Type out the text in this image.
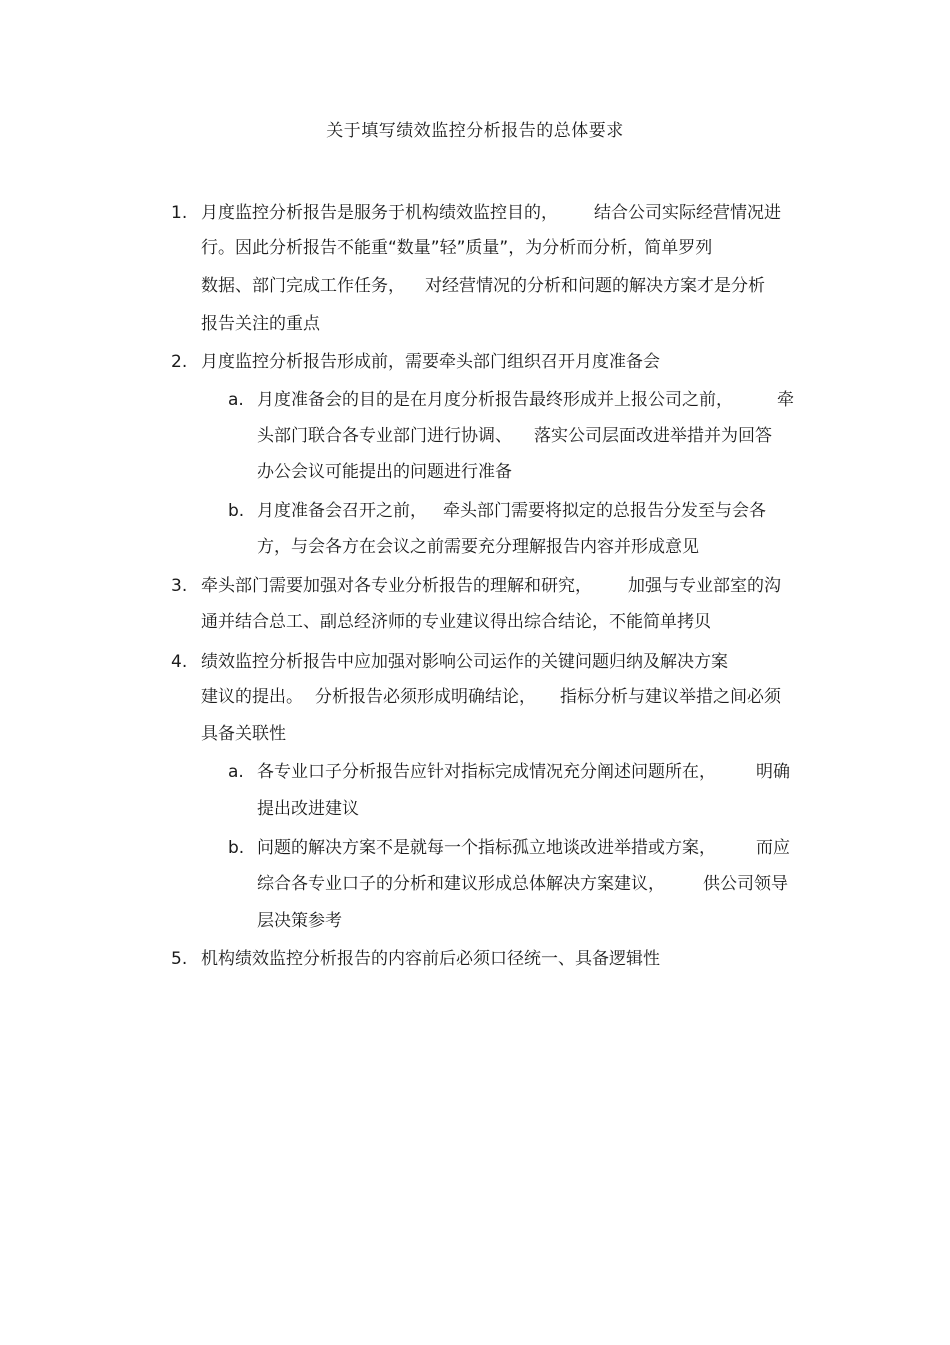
关于填写绩效监控分析报告的总体要求
1. 月度监控分析报告是服务于机构绩效监控目的， 结合公司实际经营情况进
行。因此分析报告不能重“数量”轻”质量”，为分析而分析，简单罗列
数据、部门完成工作任务， 对经营情况的分析和问题的解决方案才是分析
报告关注的重点
2. 月度监控分析报告形成前，需要牵头部门组织召开月度准备会
a. 月度准备会的目的是在月度分析报告最终形成并上报公司之前，	牵
头部门联合各专业部门进行协调、 落实公司层面改进举措并为回答
办公会议可能提出的问题进行准备
b. 月度准备会召开之前， 牵头部门需要将拟定的总报告分发至与会各
方，与会各方在会议之前需要充分理解报告内容并形成意见
3. 牵头部门需要加强对各专业分析报告的理解和研究， 加强与专业部室的沟
通并结合总工、副总经济师的专业建议得出综合结论，不能简单拷贝
4. 绩效监控分析报告中应加强对影响公司运作的关键问题归纳及解决方案
建议的提出。 分析报告必须形成明确结论， 指标分析与建议举措之间必须
具备关联性
a. 各专业口子分析报告应针对指标完成情况充分阐述问题所在， 明确
提出改进建议
b. 问题的解决方案不是就每一个指标孤立地谈改进举措或方案， 而应
综合各专业口子的分析和建议形成总体解决方案建议， 供公司领导
层决策参考
5. 机构绩效监控分析报告的内容前后必须口径统一、具备逻辑性
